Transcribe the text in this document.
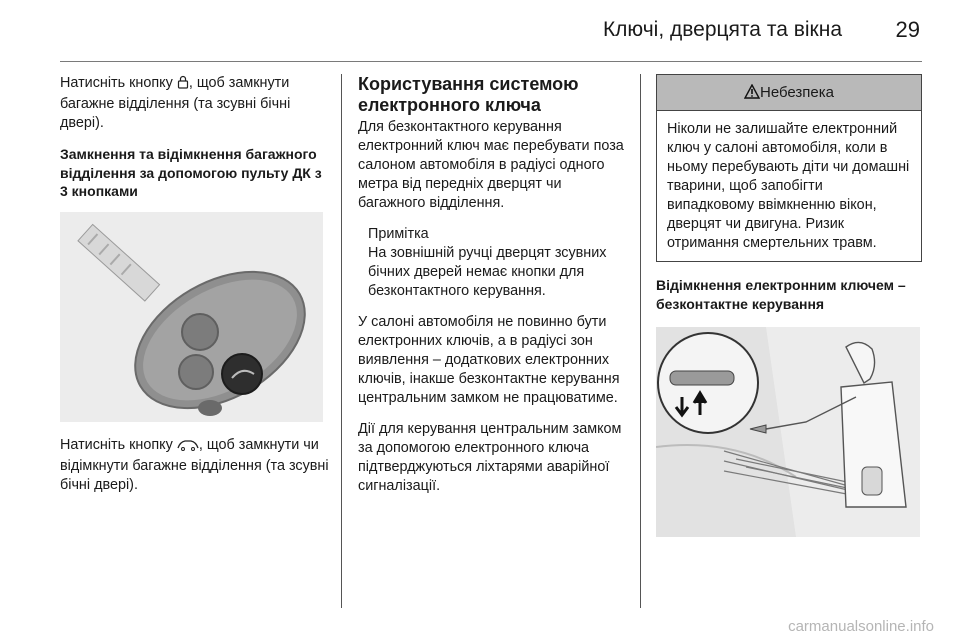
Ключі, дверцята та вікна 29

Натисніть кнопку , щоб замкнути багажне відділення (та зсувні бічні двері).

Замкнення та відімкнення багажного відділення за допомогою пульту ДК з 3 кнопками

Натисніть кнопку , щоб замкнути чи відімкнути багажне відділення (та зсувні бічні двері).

Користування системою електронного ключа

Для безконтактного керування електронний ключ має перебувати поза салоном автомобіля в радіусі одного метра від передніх дверцят чи багажного відділення.

Примітка
На зовнішній ручці дверцят зсувних бічних дверей немає кнопки для безконтактного керування.

У салоні автомобіля не повинно бути електронних ключів, а в радіусі зон виявлення – додаткових електронних ключів, інакше безконтактне керування центральним замком не працюватиме.

Дії для керування центральним замком за допомогою електронного ключа підтверджуються ліхтарями аварійної сигналізації.

Небезпека
Ніколи не залишайте електронний ключ у салоні автомобіля, коли в ньому перебувають діти чи домашні тварини, щоб запобігти випадковому ввімкненню вікон, дверцят чи двигуна. Ризик отримання смертельних травм.

Відімкнення електронним ключем – безконтактне керування

carmanualsonline.info
